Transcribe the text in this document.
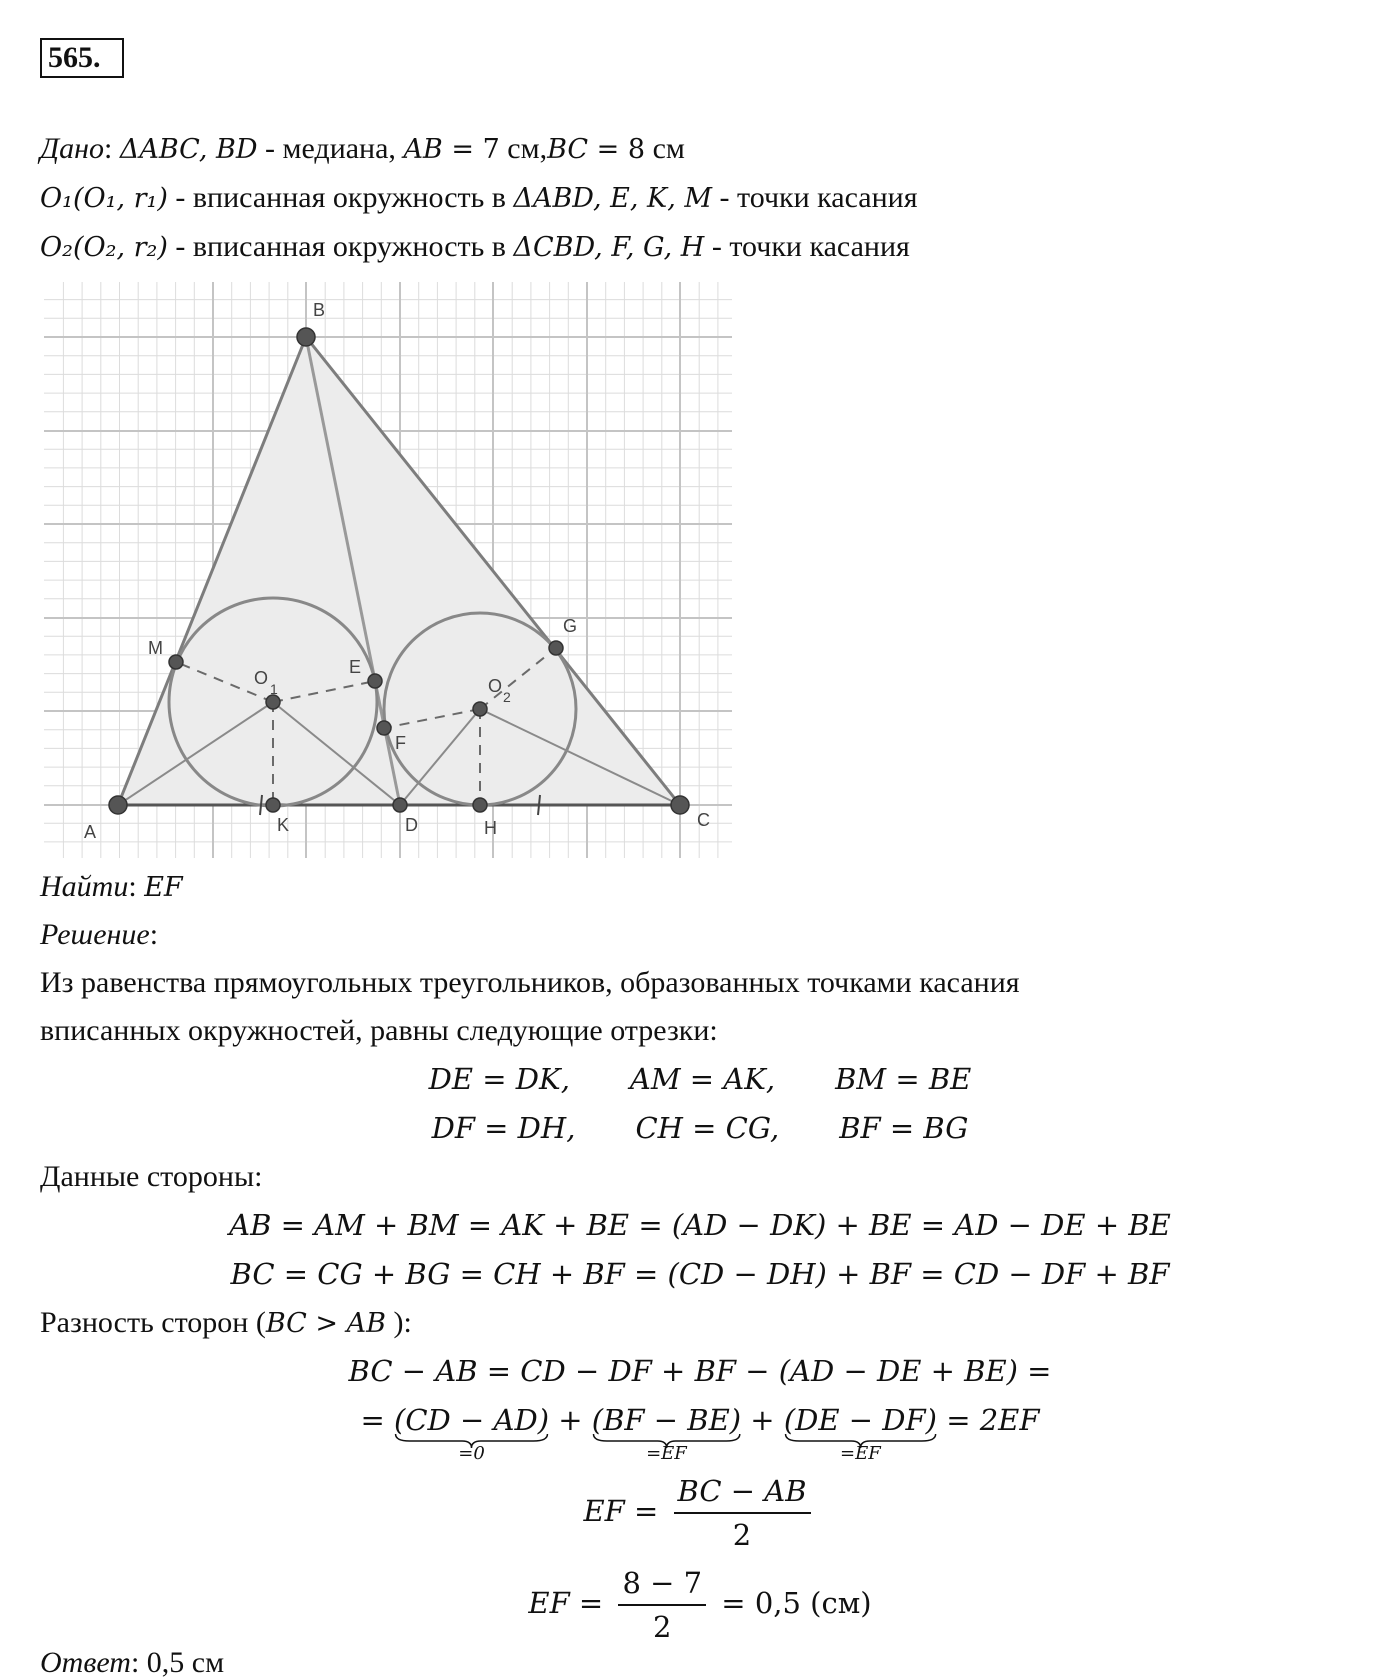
565.
Дано: ΔABC, BD - медиана, AB = 7 см,BC = 8 см
O₁(O₁, r₁) - вписанная окружность в ΔABD, E, K, M - точки касания
O₂(O₂, r₂) - вписанная окружность в ΔCBD, F, G, H - точки касания
A
B
C
D
K	H
M
E
F
G
O
1	O
2
Найти: EF
Решение:
Из равенства прямоугольных треугольников, образованных точками касания
вписанных окружностей, равны следующие отрезки:
DE = DK, AM = AK, BM = BE
DF = DH, CH = CG, BF = BG
Данные стороны:
AB = AM + BM = AK + BE = (AD − DK) + BE = AD − DE + BE
BC = CG + BG = CH + BF = (CD − DH) + BF = CD − DF + BF
Разность сторон (BC > AB ):
BC − AB = CD − DF + BF − (AD − DE + BE) =
= (CD − AD)
=0
+ (BF − BE)
=EF
+ (DE − DF)
=EF
= 2EF
EF = $\frac{BC - AB}{2}$
EF = $\frac{8 - 7}{2} = 0,5$ (см)
Ответ: 0,5 см
